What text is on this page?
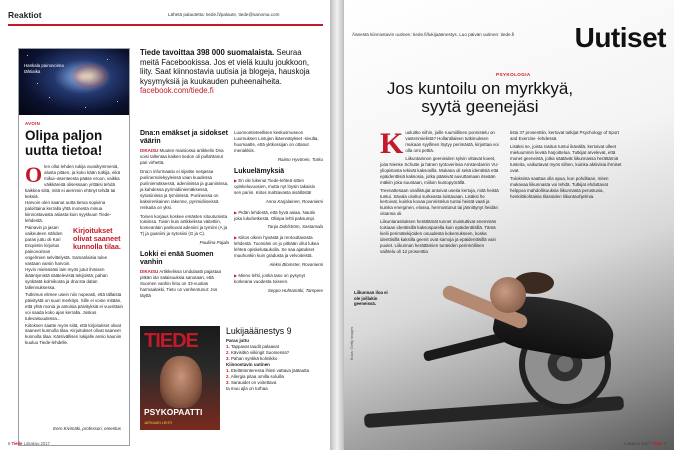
Reaktiot	Lähetä palautetta: tiede.fi/palaute, tiede@sanoma.com
Hankala painovoima tähtiaika
AVOIN
Olipa paljon uutta tietoa!
O len ollut lehden tukija vuosikymmeniä, alusta pitäen, ja koko kään tutkija, eikä mikui–asenteesta pääse eroon, vaikka väikkäreitä olisessaan yrittäisi tehdä kaikkea siitä, mitä ei aiemmin ehtinyt tehdä tai keksiä.

Harvoin olen saanut uutta tietoa sopivina paloittaina kerralla yhtä monesta minua kiinnostavasta asiasta kuin syyskuun Tiede-lehdestä.

Kirjoitukset olivat saaneet kunnolla tilaa.

Painavin ja jasan vaikeuteen nähden paras juttu oli Kari Enqvistin kirjoitus painovoiman ongelmien selvittelystä. Samanlaisia tulee vastaan varsin harvoin.

Hyvin mielessäni lain myös jutut ihmisen ikääntymistä säätelevistä tekijöistä, pahan synkästä kolmikosta ja dna:sta datan tallennuksessa.

Tutkimus elimee usein niin nopeasti, että tällaista päivitystä on suuri merkitys. Sille ei voine mitään, että yhtä monia ja antoisia päivityksiä ei vuosittain voi saada koko ajan kerralla. Joskus tulevaisuudessa...

Kiitoksen saatte myös siitä, että kirjoitukset olivat saaneet kunnolla tilaa. Kirjoitukset olivat saaneet kunnolla tilaa. Kärsivällisen lukijalle ansio kauniin kuuluu Tiede-lehdelle.

Eero Kivimäki, professori, emeritus
Tiede tavoittaa 398 000 suomalaista. Seuraa meitä Facebookissa. Jos et vielä kuulu joukkoon, liity. Saat kiinnostavia uutisia ja blogeja, hauskoja kysymyksiä ja kuukauden puheenaiheita.
facebook.com/tiede.fi
Dna:n emäkset ja sidokset väärin

DIKAISU Muuten mainiossa artikkelin Dna voisi tallentaa kaiken tiedon oli pullahtanut pari virhettä.

Dna:n informaatio ei sijaitse nesjassa puriinemolekyyleissä vaan kuudessa puriiniemäksessä, adeniinissa ja guaniinissa, ja kahdessa pyrimidiiniemäksessä, sytosiinissa ja tymiinissä. Puriineissa on kaksirenkainen rakenne, pyrimidiineissä renkaita on yksi.

Toinen korjaus koskee emästen sitoutumista toisiinsa. Toisin kuin artikkelissa väitettiin, komeanlain parikuvat adeniini ja tymiini (A ja T) ja guaniini ja sytosiini (G ja C).

Pauliina Pajala
Lokki ei enää Suomen vanhin

DIKAISU Artikkelissa Undulaatti pajastaa pitkän iän salaisuuksia sanotaan, että Suomen vanhin lintu on 33-vuotias harmaalokki. Tieto on vanhentunut: Jos täyttä

Luonnontieteellisen keskusmuseon Luomuksen Lintujen ikäennätykset -sivulta, huomaatte, että yktkossijan on ottanut meriakkiis.

Raimo Hyvönen, Turku
Lukuelämyksiä

▶ En ole lukenut Tiede-lehteä sitten opiskeluvuosien, mutta nyt löysin takaisin sen pariin. Kiitos mahtavasta sisällöstä!

Anna Karjalainen, Rovaniemi

▶ Pidän lehdestä, että hyvä asiaa. Nautin joka lukuhetkestä. Olisipa lehti paksumpi.

Tanja Dahlström, Sastamala

▶ Kiitos oikein hyvästä ja rentouttavasta lehdestä. Tuomiäni on jo pitkään ollut lukea lehteä opiskelutaukolla. Se saa ajatukset muuhunkin kuin gradusta ja velvoiteistä.

Aleksi Blomster, Rovaniemi

▶ Mieno lehti, jonka taso on pysynyt korkeana vuodesta toiseen.

Seppo Huhtamäki, Tampere
TIEDE
PSYKOPAATTI
JATKUMO LEHTI
Lukijaäänestys 9
Paras juttu
1. Tappavat taudit palaavat
2. Kävisitkö viikingit Suomessa?
3. Pahan synkkä kolmikko
Kiinnostavin uutinen
1. Eteläntenteressa ihissi vattava jäätautta
2. Allergia pitaa omilla soluilla
3. Sarauidet on voitettava
ta muu ajla on turhaa
6 Tiede Lokakuu 2017
Äänestä kiinnostavin uutinen: tiede.fi/lukijaäänestys. Luo päivän uutinen: tiede.fi Uutiset
PSYKOLOGIA
Jos kuntoilu on myrkkyä, syytä geenejäsi
K uuluitko niihin, joille ruumiillinen ponnistelu on vastenmielistä? Hollantilaisen tutkimuksen mukaan syyllinen löytyy perimästä, kirjoittaa voi olla omi pettiä.

Liikuntainnon geenieiden sylvin vittavat koeet, joita Nienke Schutte ja hänen työtoverinsa Amsterdamin VU-yliopistosta tekivät kaksosilla. Mukana oli sekä identtisiä että epäidenttisiä kaksosia, jotka pääsivät auvuttamaan itseään mäkiin joka suuntaan, miiloin kuntopyörällä.

Treenattesaan osallistujat antoivat useita kertoja, mitä heistä tuntui. Sävala uloittui surkeasta loistavaan. Lisäksi he kertoivat, kuinka kovaa ponnistelun tuntui heistä vaati ja kuinka energinen, elossa, hermostunut tai jännittynyt heidän oloansa oli.

Liikuntarasituksen herättämät tunnet muistuttivat enemmän toisiaan identtisillä kaksosparella kuin epäidenttisillä. Tämä kielii perimätekijöiden osuudesta kokemukseen, koska identtisillä kaksilla geenit ovat samoja ja epäidenttisillä vain puolet. Liikunnan herättämien tunteiden perinnöllinen vaihtelu oli 12 prosenttia

tista 37 prosenttiin, kertovat tutkijat Psychology of Sport and Exercise -lehdessä.

Lisäksi ne, joista rasitus tuntui ikävällä, kertoivat olleet mieluummin lievää harjoittelua. Tutkijat arvelevat, että monet geeneistä, jotka säätävät liikunnassa herättämiä tunteita, vaikuttavat myös siihen, kuinka aktiivisia ihmiset ovat.

Tuloksista saattaa olla apua, kun pohditaan, miten mukavaa liikunnasta voi tehdä. Tutkijat ehdottavat helppoa mahdollisuuksia liikunnasta perustuvia, henkilökohtaisia tilasöiden liikuntaohjelmia.

Liikunnan iloa ei ole joillakin geeneissä.
Kuva: Getty Images
Lokakuu 2017 Tiede 7
